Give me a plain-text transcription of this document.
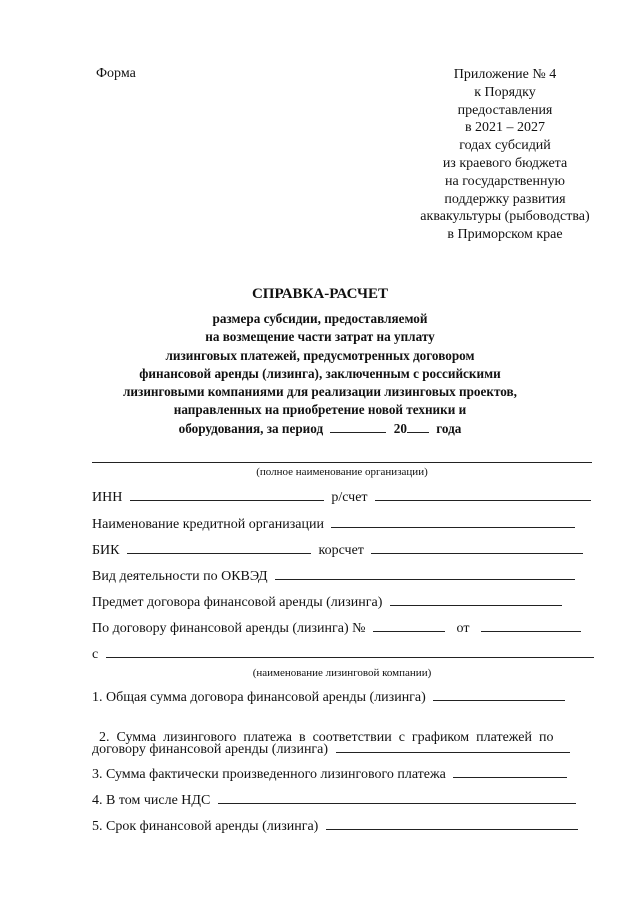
Форма	Приложение № 4
к Порядку
предоставления
в 2021 – 2027
годах субсидий
из краевого бюджета
на государственную
поддержку развития
аквакультуры (рыбоводства)
в Приморском крае
СПРАВКА-РАСЧЕТ
размера субсидии, предоставляемой
на возмещение части затрат на уплату
лизинговых платежей, предусмотренных договором
финансовой аренды (лизинга), заключенным с российскими
лизинговыми компаниями для реализации лизинговых проектов,
направленных на приобретение новой техники и
оборудования, за период	20 года
(полное наименование организации)
ИНН	р/счет
Наименование кредитной организации
БИК	корсчет
Вид деятельности по ОКВЭД
Предмет договора финансовой аренды (лизинга)
По договору финансовой аренды (лизинга) №	от
с
(наименование лизинговой компании)
1. Общая сумма договора финансовой аренды (лизинга)

2.  Сумма  лизингового  платежа  в  соответствии  с  графиком  платежей  по

договору финансовой аренды (лизинга)
3. Сумма фактически произведенного лизингового платежа
4. В том числе НДС
5. Срок финансовой аренды (лизинга)
